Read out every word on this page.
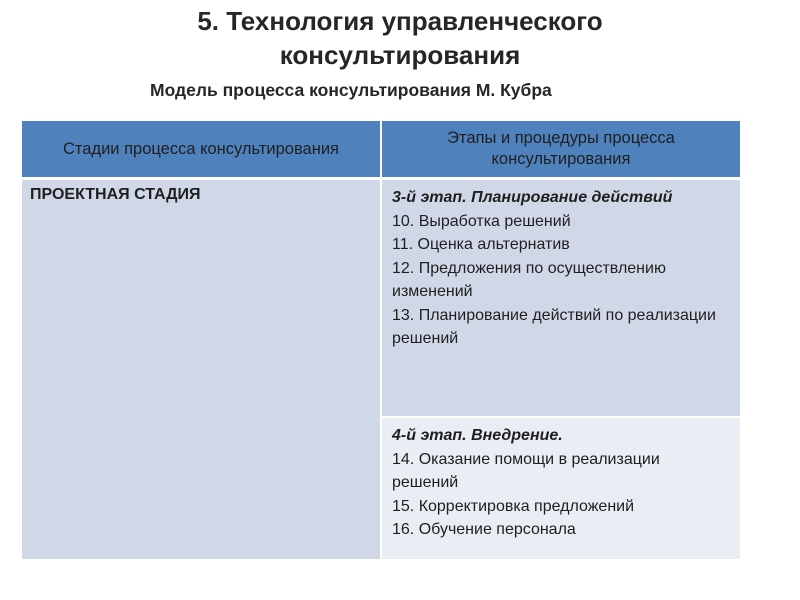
5. Технология управленческого
консультирования
Модель процесса консультирования М. Кубра
Стадии процесса консультирования	Этапы и процедуры процесса консультирования
ПРОЕКТНАЯ СТАДИЯ	3-й этап. Планирование действий
10. Выработка решений
11. Оценка альтернатив
12. Предложения по осуществлению изменений
13. Планирование действий по реализации решений

	4-й этап. Внедрение.
14. Оказание помощи в реализации решений
15. Корректировка предложений
16. Обучение персонала
